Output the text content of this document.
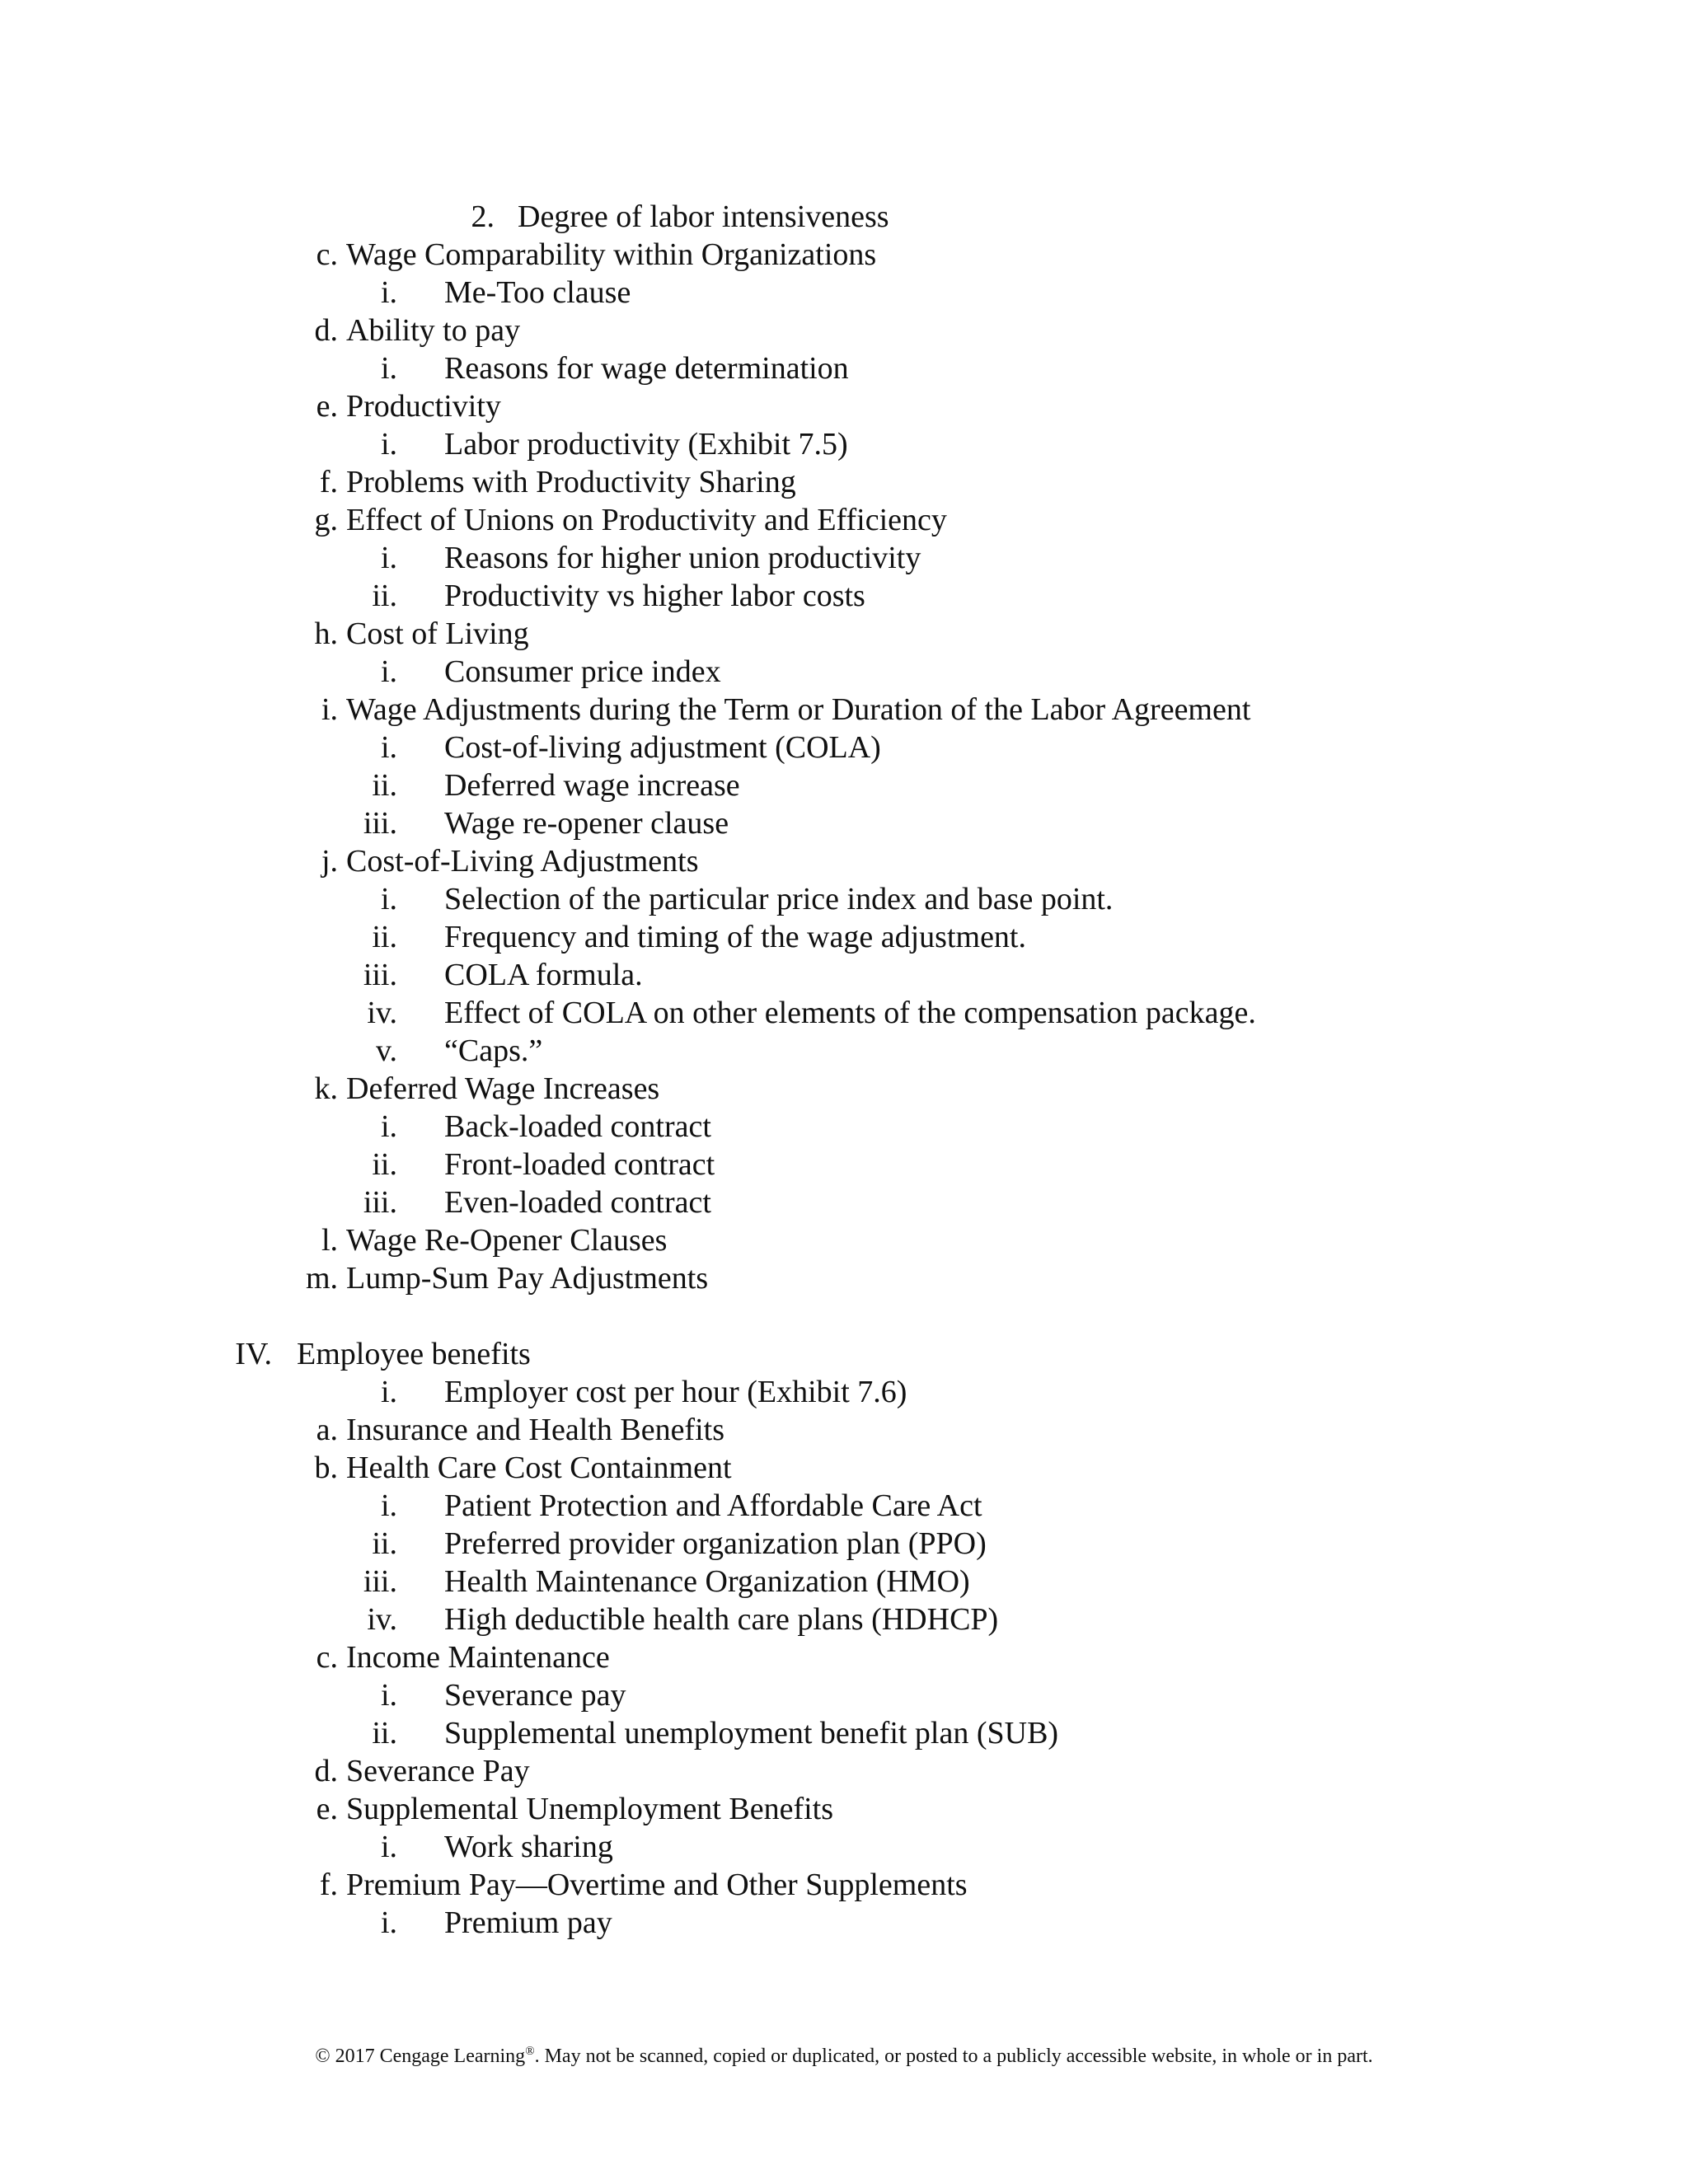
2. Degree of labor intensiveness
c. Wage Comparability within Organizations
i. Me-Too clause
d. Ability to pay
i. Reasons for wage determination
e. Productivity
i. Labor productivity (Exhibit 7.5)
f. Problems with Productivity Sharing
g. Effect of Unions on Productivity and Efficiency
i. Reasons for higher union productivity
ii. Productivity vs higher labor costs
h. Cost of Living
i. Consumer price index
i. Wage Adjustments during the Term or Duration of the Labor Agreement
i. Cost-of-living adjustment (COLA)
ii. Deferred wage increase
iii. Wage re-opener clause
j. Cost-of-Living Adjustments
i. Selection of the particular price index and base point.
ii. Frequency and timing of the wage adjustment.
iii. COLA formula.
iv. Effect of COLA on other elements of the compensation package.
v. “Caps.”
k. Deferred Wage Increases
i. Back-loaded contract
ii. Front-loaded contract
iii. Even-loaded contract
l. Wage Re-Opener Clauses
m. Lump-Sum Pay Adjustments
IV. Employee benefits
i. Employer cost per hour (Exhibit 7.6)
a. Insurance and Health Benefits
b. Health Care Cost Containment
i. Patient Protection and Affordable Care Act
ii. Preferred provider organization plan (PPO)
iii. Health Maintenance Organization (HMO)
iv. High deductible health care plans (HDHCP)
c. Income Maintenance
i. Severance pay
ii. Supplemental unemployment benefit plan (SUB)
d. Severance Pay
e. Supplemental Unemployment Benefits
i. Work sharing
f. Premium Pay—Overtime and Other Supplements
i. Premium pay
© 2017 Cengage Learning®. May not be scanned, copied or duplicated, or posted to a publicly accessible website, in whole or in part.
